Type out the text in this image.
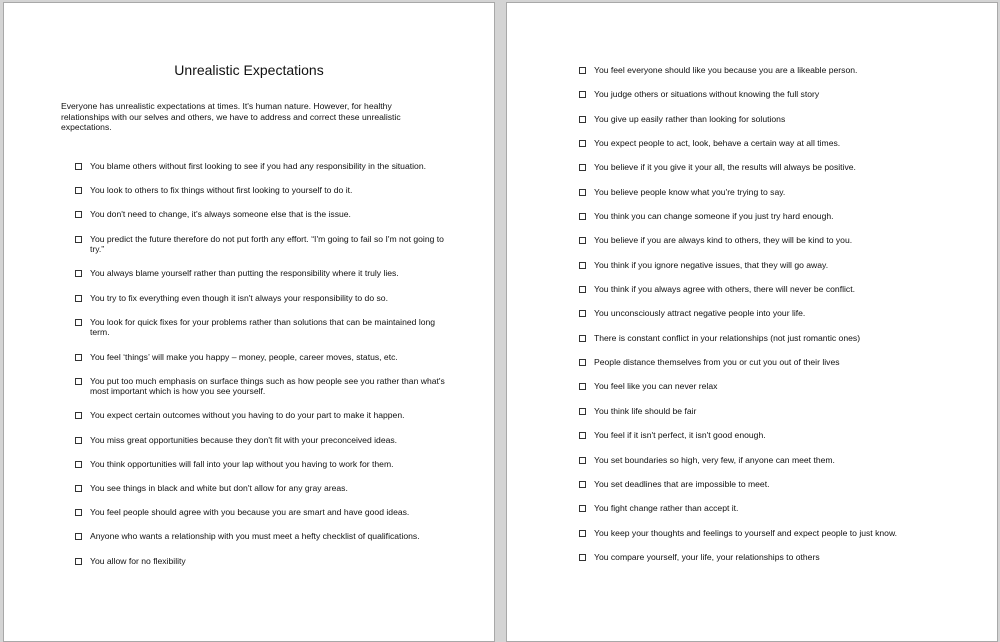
Unrealistic Expectations
Everyone has unrealistic expectations at times. It's human nature. However, for healthy relationships with our selves and others, we have to address and correct these unrealistic expectations.
You blame others without first looking to see if you had any responsibility in the situation.
You look to others to fix things without first looking to yourself to do it.
You don't need to change, it's always someone else that is the issue.
You predict the future therefore do not put forth any effort. “I'm going to fail so I'm not going to try.”
You always blame yourself rather than putting the responsibility where it truly lies.
You try to fix everything even though it isn't always your responsibility to do so.
You look for quick fixes for your problems rather than solutions that can be maintained long term.
You feel ‘things’ will make you happy – money, people, career moves, status, etc.
You put too much emphasis on surface things such as how people see you rather than what's most important which is how you see yourself.
You expect certain outcomes without you having to do your part to make it happen.
You miss great opportunities because they don't fit with your preconceived ideas.
You think opportunities will fall into your lap without you having to work for them.
You see things in black and white but don't allow for any gray areas.
You feel people should agree with you because you are smart and have good ideas.
Anyone who wants a relationship with you must meet a hefty checklist of qualifications.
You allow for no flexibility
You feel everyone should like you because you are a likeable person.
You judge others or situations without knowing the full story
You give up easily rather than looking for solutions
You expect people to act, look, behave a certain way at all times.
You believe if it you give it your all, the results will always be positive.
You believe people know what you're trying to say.
You think you can change someone if you just try hard enough.
You believe if you are always kind to others, they will be kind to you.
You think if you ignore negative issues, that they will go away.
You think if you always agree with others, there will never be conflict.
You unconsciously attract negative people into your life.
There is constant conflict in your relationships (not just romantic ones)
People distance themselves from you or cut you out of their lives
You feel like you can never relax
You think life should be fair
You feel if it isn't perfect, it isn't good enough.
You set boundaries so high, very few, if anyone can meet them.
You set deadlines that are impossible to meet.
You fight change rather than accept it.
You keep your thoughts and feelings to yourself and expect people to just know.
You compare yourself, your life, your relationships to others
